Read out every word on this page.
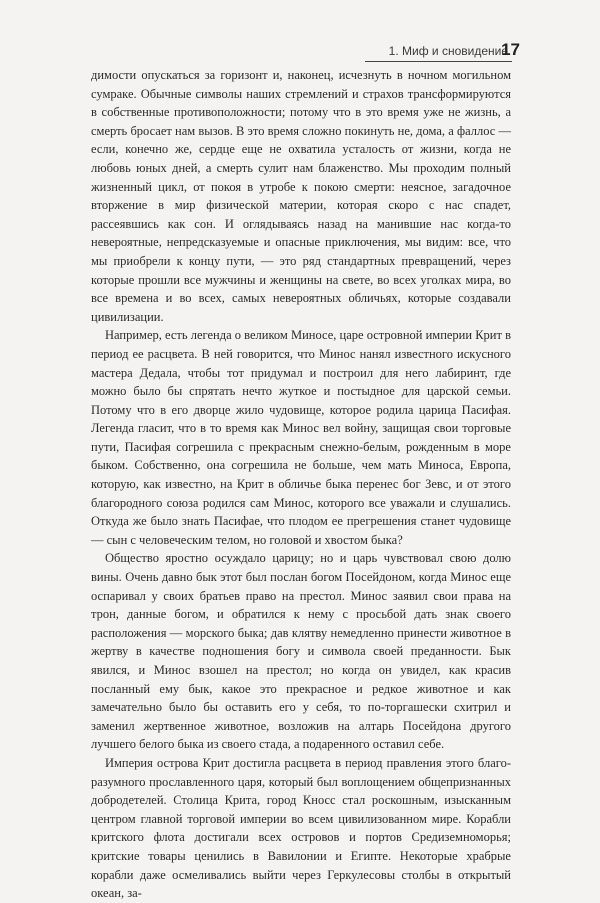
1. Миф и сновидение
17

димости опускаться за горизонт и, наконец, исчезнуть в ночном могильном сумраке. Обычные символы наших стремлений и страхов трансформируются в собственные противоположности; потому что в это время уже не жизнь, а смерть бросает нам вызов. В это время сложно покинуть не, дома, а фаллос — если, конечно же, сердце еще не охватила усталость от жизни, когда не любовь юных дней, а смерть сулит нам блаженство. Мы проходим полный жизненный цикл, от покоя в утробе к покою смерти: неясное, загадочное вторжение в мир физической материи, которая скоро с нас спадет, рассеявшись как сон. И оглядываясь назад на манившие нас когда-то невероятные, непредсказуемые и опасные приключения, мы видим: все, что мы приобрели к концу пути, — это ряд стандартных превращений, через которые прошли все мужчины и женщины на свете, во всех уголках мира, во все времена и во всех, самых невероятных обличьях, которые создавали цивилизации.

Например, есть легенда о великом Миносе, царе островной империи Крит в период ее расцвета. В ней говорится, что Минос нанял известного искусного мастера Дедала, чтобы тот придумал и построил для него лабиринт, где можно было бы спрятать нечто жуткое и постыдное для царской семьи. Потому что в его дворце жило чудовище, которое родила царица Пасифая. Легенда гласит, что в то время как Минос вел войну, защищая свои торговые пути, Пасифая согрешила с прекрасным снежно-белым, рожденным в море быком. Собственно, она согрешила не больше, чем мать Миноса, Европа, которую, как известно, на Крит в обличье быка перенес бог Зевс, и от этого благородного союза родился сам Минос, которого все уважали и слушались. Откуда же было знать Пасифае, что плодом ее прегрешения станет чудовище — сын с человеческим телом, но головой и хвостом быка?

Общество яростно осуждало царицу; но и царь чувствовал свою долю вины. Очень давно бык этот был послан богом Посейдоном, когда Минос еще оспаривал у своих братьев право на престол. Минос заявил свои права на трон, данные богом, и обратился к нему с просьбой дать знак своего расположения — морского быка; дав клятву немедленно принести животное в жертву в качестве подношения богу и символа своей преданности. Бык явился, и Минос взошел на престол; но когда он увидел, как красив посланный ему бык, какое это прекрасное и редкое животное и как замечательно было бы оставить его у себя, то по-торгашески схитрил и заменил жертвенное животное, возложив на алтарь Посейдона другого лучшего белого быка из своего стада, а подаренного оставил себе.

Империя острова Крит достигла расцвета в период правления этого благо- разумного прославленного царя, который был воплощением общепризнанных добродетелей. Столица Крита, город Кносс стал роскошным, изысканным центром главной торговой империи во всем цивилизованном мире. Корабли критского флота достигали всех островов и портов Средиземноморья; критские товары ценились в Вавилонии и Египте. Некоторые храбрые корабли даже осмеливались выйти через Геркулесовы столбы в открытый океан, за-
